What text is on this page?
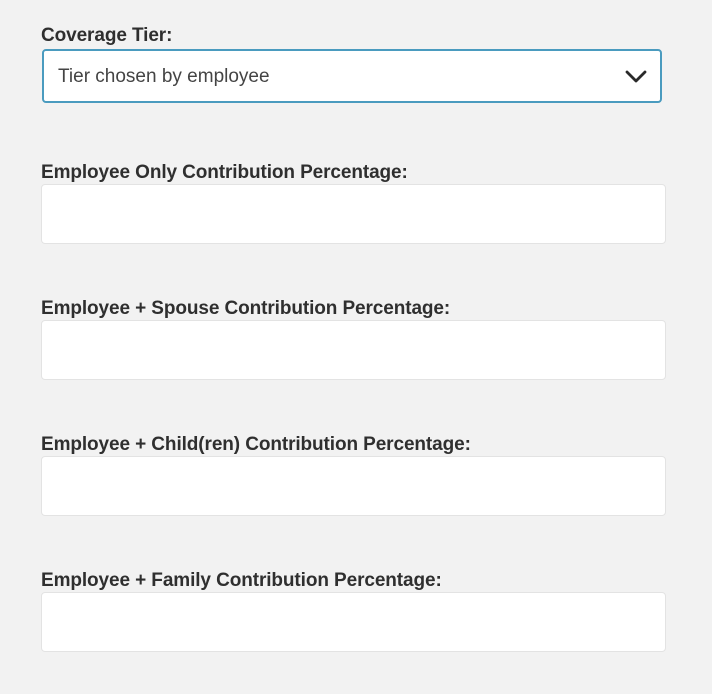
Coverage Tier:
Tier chosen by employee
Employee Only Contribution Percentage:
Employee + Spouse Contribution Percentage:
Employee + Child(ren) Contribution Percentage:
Employee + Family Contribution Percentage:
